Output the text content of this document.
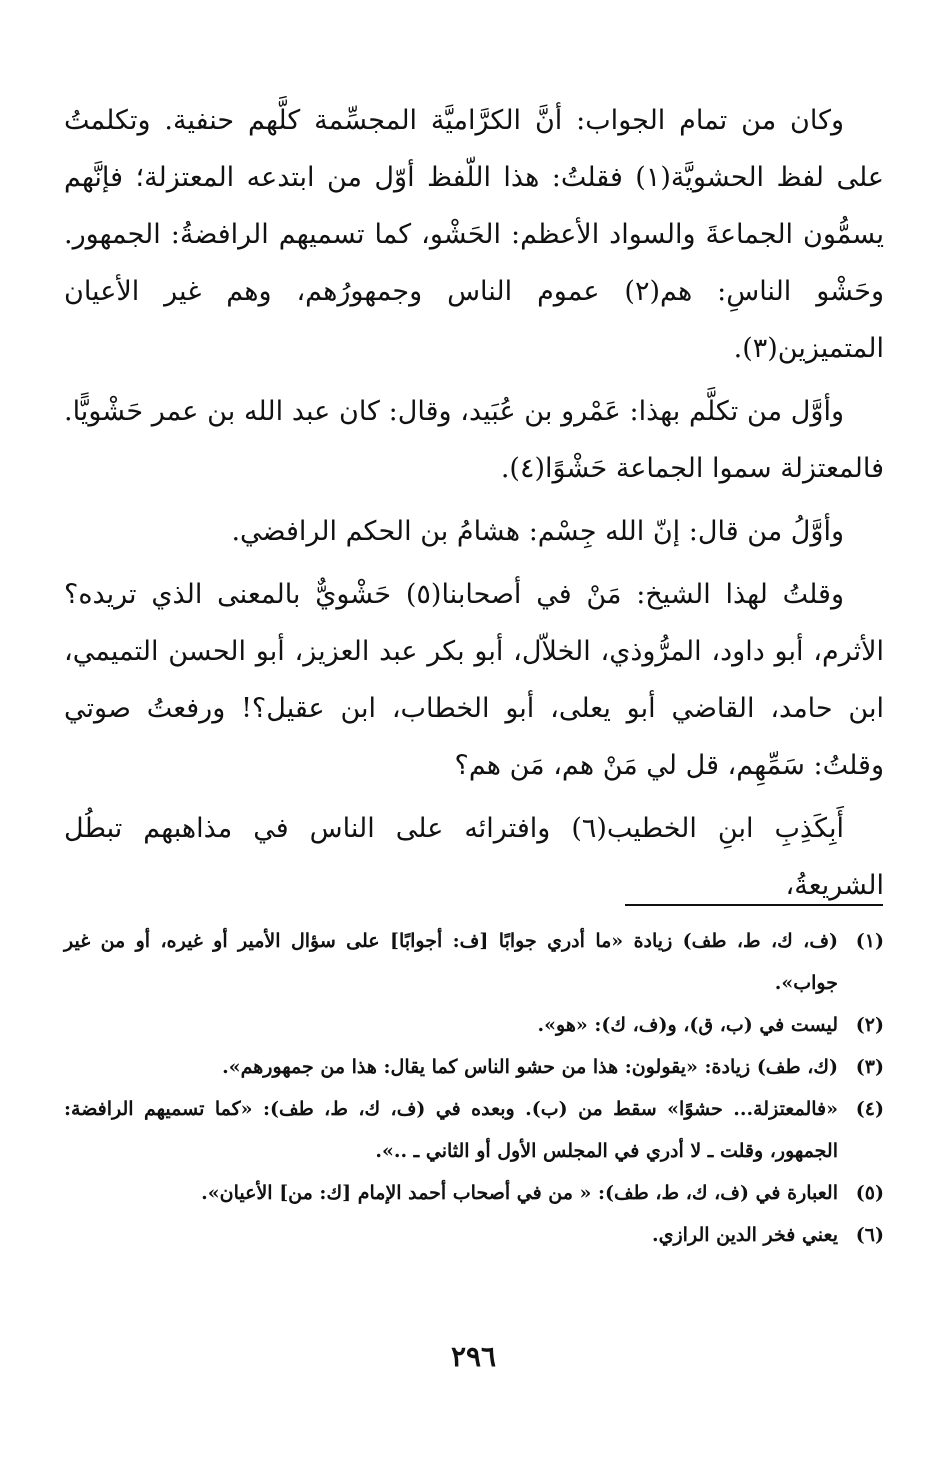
وكان من تمام الجواب: أنَّ الكرَّاميَّة المجسِّمة كلَّهم حنفية. وتكلمتُ على لفظ الحشويَّة(١) فقلتُ: هذا اللّفظ أوّل من ابتدعه المعتزلة؛ فإنَّهم يسمُّون الجماعةَ والسواد الأعظم: الحَشْو، كما تسميهم الرافضةُ: الجمهور. وحَشْو الناسِ: هم(٢) عموم الناس وجمهورُهم، وهم غير الأعيان المتميزين(٣).

وأوَّل من تكلَّم بهذا: عَمْرو بن عُبَيد، وقال: كان عبد الله بن عمر حَشْويًّا. فالمعتزلة سموا الجماعة حَشْوًا(٤).

وأوَّلُ من قال: إنّ الله جِسْم: هشامُ بن الحكم الرافضي.

وقلتُ لهذا الشيخ: مَنْ في أصحابنا(٥) حَشْويٌّ بالمعنى الذي تريده؟ الأثرم، أبو داود، المرُّوذي، الخلاّل، أبو بكر عبد العزيز، أبو الحسن التميمي، ابن حامد، القاضي أبو يعلى، أبو الخطاب، ابن عقيل؟! ورفعتُ صوتي وقلتُ: سَمِّهِم، قل لي مَنْ هم، مَن هم؟

أَبِكَذِبِ ابنِ الخطيب(٦) وافترائه على الناس في مذاهبهم تبطُل الشريعةُ،

(١)
(ف، ك، ط، طف) زيادة «ما أدري جوابًا [ف: أجوابًا] على سؤال الأمير أو غيره، أو من غير جواب».
(٢)
ليست في (ب، ق)، و(ف، ك): «هو».
(٣)
(ك، طف) زيادة: «يقولون: هذا من حشو الناس كما يقال: هذا من جمهورهم».
(٤)
«فالمعتزلة... حشوًا» سقط من (ب). وبعده في (ف، ك، ط، طف): «كما تسميهم الرافضة: الجمهور، وقلت ـ لا أدري في المجلس الأول أو الثاني ـ ..».
(٥)
العبارة في (ف، ك، ط، طف): « من في أصحاب أحمد الإمام [ك: من] الأعيان».
(٦)
يعني فخر الدين الرازي.
٢٩٦
